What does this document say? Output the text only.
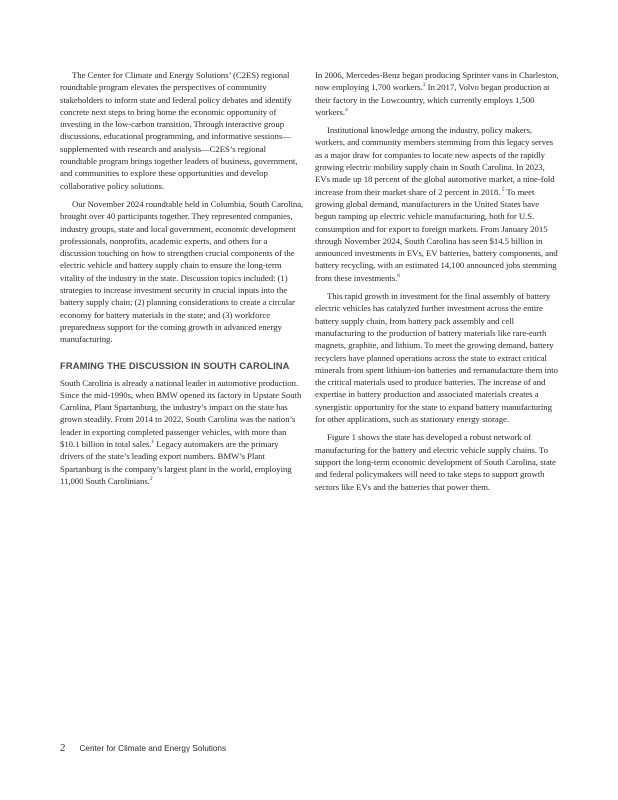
The Center for Climate and Energy Solutions’ (C2ES) regional roundtable program elevates the perspectives of community stakeholders to inform state and federal policy debates and identify concrete next steps to bring home the economic opportunity of investing in the low-carbon transition. Through interactive group discussions, educational programming, and informative sessions—supplemented with research and analysis—C2ES’s regional roundtable program brings together leaders of business, government, and communities to explore these opportunities and develop collaborative policy solutions.

Our November 2024 roundtable held in Columbia, South Carolina, brought over 40 participants together. They represented companies, industry groups, state and local government, economic development professionals, nonprofits, academic experts, and others for a discussion touching on how to strengthen crucial components of the electric vehicle and battery supply chain to ensure the long-term vitality of the industry in the state. Discussion topics included: (1) strategies to increase investment security in crucial inputs into the battery supply chain; (2) planning considerations to create a circular economy for battery materials in the state; and (3) workforce preparedness support for the coming growth in advanced energy manufacturing.

FRAMING THE DISCUSSION IN SOUTH CAROLINA

South Carolina is already a national leader in automotive production. Since the mid-1990s, when BMW opened its factory in Upstate South Carolina, Plant Spartanburg, the industry’s impact on the state has grown steadily. From 2014 to 2022, South Carolina was the nation’s leader in exporting completed passenger vehicles, with more than $10.1 billion in total sales.$^1$ Legacy automakers are the primary drivers of the state’s leading export numbers. BMW’s Plant Spartanburg is the company’s largest plant in the world, employing 11,000 South Carolinians.$^2$

In 2006, Mercedes-Benz began producing Sprinter vans in Charleston, now employing 1,700 workers.$^3$ In 2017, Volvo began production at their factory in the Lowcountry, which currently employs 1,500 workers.$^4$

Institutional knowledge among the industry, policy makers, workers, and community members stemming from this legacy serves as a major draw for companies to locate new aspects of the rapidly growing electric mobility supply chain in South Carolina. In 2023, EVs made up 18 percent of the global automotive market, a nine-fold increase from their market share of 2 percent in 2018. $^5$ To meet growing global demand, manufacturers in the United States have begun ramping up electric vehicle manufacturing, both for U.S. consumption and for export to foreign markets. From January 2015 through November 2024, South Carolina has seen $14.5 billion in announced investments in EVs, EV batteries, battery components, and battery recycling, with an estimated 14,100 announced jobs stemming from these investments.$^6$

This rapid growth in investment for the final assembly of battery electric vehicles has catalyzed further investment across the entire battery supply chain, from battery pack assembly and cell manufacturing to the production of battery materials like rare-earth magnets, graphite, and lithium. To meet the growing demand, battery recyclers have planned operations across the state to extract critical minerals from spent lithium-ion batteries and remanufacture them into the critical materials used to produce batteries. The increase of and expertise in battery production and associated materials creates a synergistic opportunity for the state to expand battery manufacturing for other applications, such as stationary energy storage.

Figure 1 shows the state has developed a robust network of manufacturing for the battery and electric vehicle supply chains. To support the long-term economic development of South Carolina, state and federal policymakers will need to take steps to support growth sectors like EVs and the batteries that power them.

2 Center for Climate and Energy Solutions
